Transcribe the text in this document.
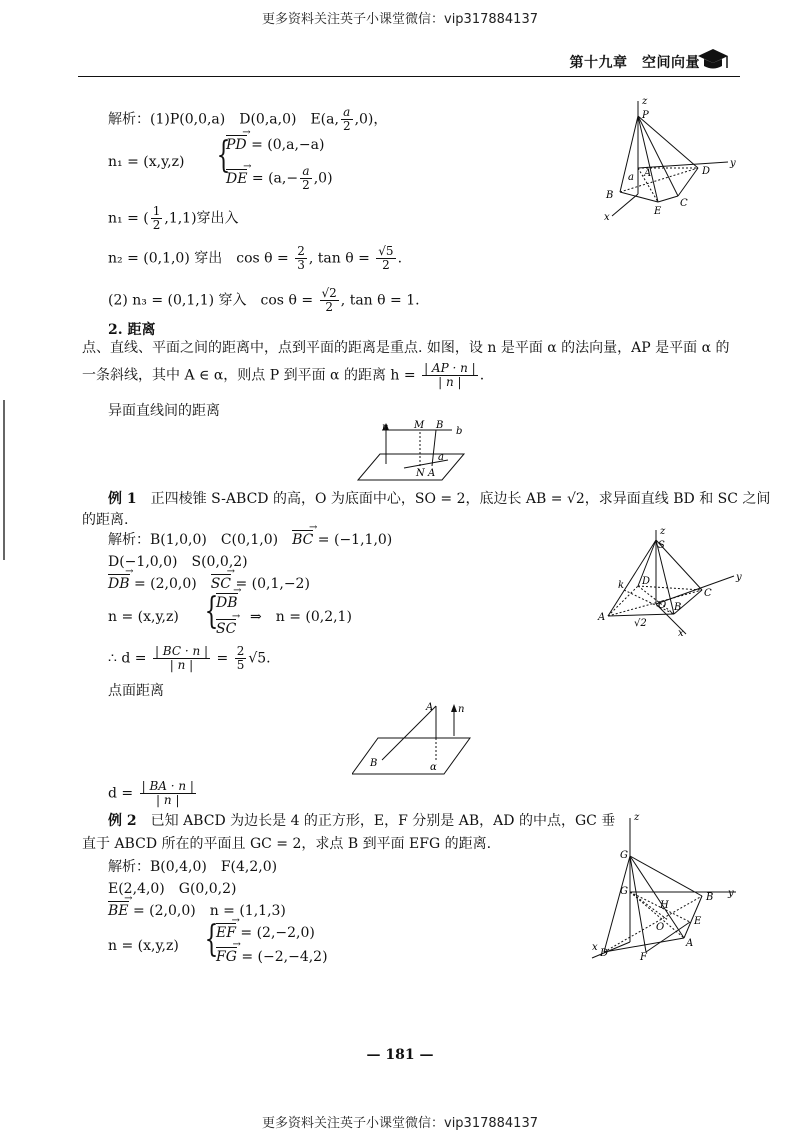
更多资料关注英子小课堂微信：vip317884137
第十九章　空间向量
解析：(1)P(0,0,a)　D(0,a,0)　E(a, $\frac{a}{2} ,0$)，
n₁ = (x,y,z) {
PD → = (0,a,−a)
DE → = $(a,- \frac{a}{2} ,0)$
n₁ = ( $\frac{1}{2} ,1,1$)穿出入
n₂ = (0,1,0) 穿出　$\cos \theta = \frac{2}{3}$ , $\tan \theta = \frac{√5}{2}$ .
(2) n₃ = (0,1,1) 穿入　$\cos \theta = \frac{√2}{2}$ , tan θ = 1.
z
P
a A	D
y
B
E
C
x
2. 距离
点、直线、平面之间的距离中，点到平面的距离是重点. 如图，设 n 是平面 α 的法向量，AP 是平面 α 的
一条斜线，其中 A ∈ α，则点 P 到平面 α 的距离 $h = \frac{| AP \cdot n |}{| n |}$ .
异面直线间的距离
n	M B
b
a
N A
例 1　 正四棱锥 S-ABCD 的高，O 为底面中心，SO = 2，底边长 AB = √2，求异面直线 BD 和 SC 之间
的距离.
解析：B(1,0,0)　C(0,1,0)　BC → = (−1,1,0)
D(−1,0,0)　S(0,0,2)
DB → = (2,0,0)　SC → = (0,1,−2)
n = (x,y,z) {
DB →
SC →
⇒　n = (0,2,1)
∴ $d = \frac{| BC \cdot n |}{| n |} = \frac{2}{5} √5$.
z
S
k D	y
O
C
A
B
√2
x
点面距离
A n
B	α
$d = \frac{| BA \cdot n |}{| n |}$
例 2　 已知 ABCD 为边长是 4 的正方形，E，F 分别是 AB，AD 的中点，GC 垂
直于 ABCD 所在的平面且 GC = 2，求点 B 到平面 EFG 的距离.
解析：B(0,4,0)　F(4,2,0)
E(2,4,0)　G(0,0,2)
BE → = (2,0,0)　n = (1,1,3)
n = (x,y,z) {
EF → = (2,−2,0)
FG → = (−2,−4,2)
z
G
G
H
B y
E
O
D	F
A
x
— 181 —
更多资料关注英子小课堂微信：vip317884137
